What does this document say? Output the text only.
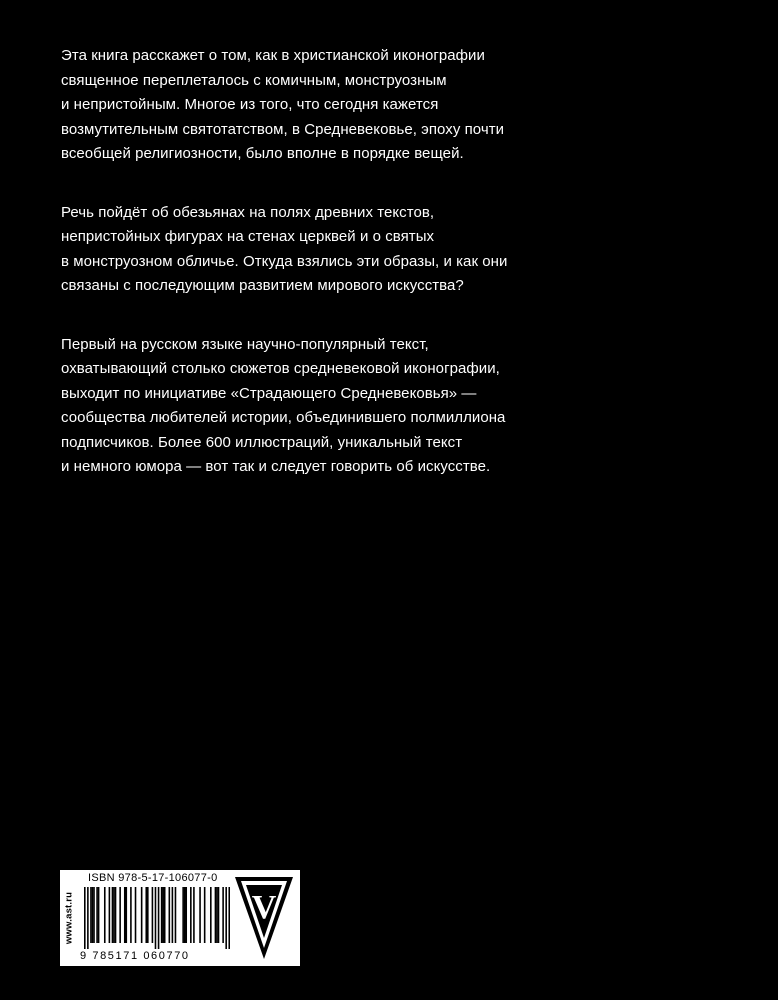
Эта книга расскажет о том, как в христианской иконографии
священное переплеталось с комичным, монструозным
и непристойным. Многое из того, что сегодня кажется
возмутительным святотатством, в Средневековье, эпоху почти
всеобщей религиозности, было вполне в порядке вещей.

Речь пойдёт об обезьянах на полях древних текстов,
непристойных фигурах на стенах церквей и о святых
в монструозном обличье. Откуда взялись эти образы, и как они
связаны с последующим развитием мирового искусства?

Первый на русском языке научно-популярный текст,
охватывающий столько сюжетов средневековой иконографии,
выходит по инициативе «Страдающего Средневековья» —
сообщества любителей истории, объединившего полмиллиона
подписчиков. Более 600 иллюстраций, уникальный текст
и немного юмора — вот так и следует говорить об искусстве.

www.ast.ru
ISBN 978-5-17-106077-0
9 785171 060770
V
